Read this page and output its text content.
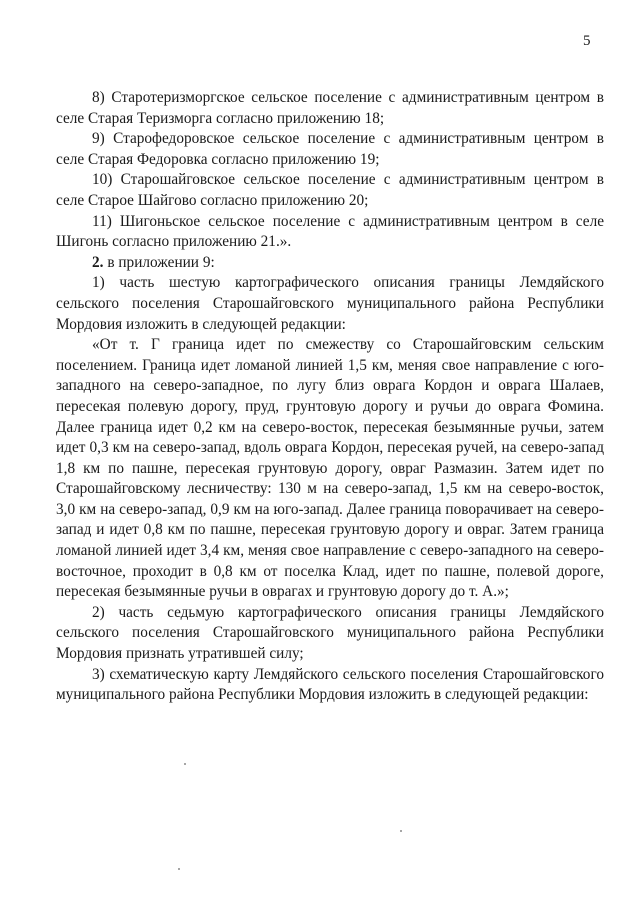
5

8) Старотеризморгское сельское поселение с административным центром в селе Старая Теризморга согласно приложению 18;

9) Старофедоровское сельское поселение с административным центром в селе Старая Федоровка согласно приложению 19;

10) Старошайговское сельское поселение с административным центром в селе Старое Шайгово согласно приложению 20;

11) Шигоньское сельское поселение с административным центром в селе Шигонь согласно приложению 21.».

2. в приложении 9:

1) часть шестую картографического описания границы Лемдяйского сельского поселения Старошайговского муниципального района Республики Мордовия изложить в следующей редакции:

«От т. Г граница идет по смежеству со Старошайговским сельским поселением. Граница идет ломаной линией 1,5 км, меняя свое направление с юго-западного на северо-западное, по лугу близ оврага Кордон и оврага Шалаев, пересекая полевую дорогу, пруд, грунтовую дорогу и ручьи до оврага Фомина. Далее граница идет 0,2 км на северо-восток, пересекая безымянные ручьи, затем идет 0,3 км на северо-запад, вдоль оврага Кордон, пересекая ручей, на северо-запад 1,8 км по пашне, пересекая грунтовую дорогу, овраг Размазин. Затем идет по Старошайговскому лесничеству: 130 м на северо-запад, 1,5 км на северо-восток, 3,0 км на северо-запад, 0,9 км на юго-запад. Далее граница поворачивает на северо-запад и идет 0,8 км по пашне, пересекая грунтовую дорогу и овраг. Затем граница ломаной линией идет 3,4 км, меняя свое направление с северо-западного на северо-восточное, проходит в 0,8 км от поселка Клад, идет по пашне, полевой дороге, пересекая безымянные ручьи в оврагах и грунтовую дорогу до т. А.»;

2) часть седьмую картографического описания границы Лемдяйского сельского поселения Старошайговского муниципального района Республики Мордовия признать утратившей силу;

3) схематическую карту Лемдяйского сельского поселения Старошайговского муниципального района Республики Мордовия изложить в следующей редакции:
